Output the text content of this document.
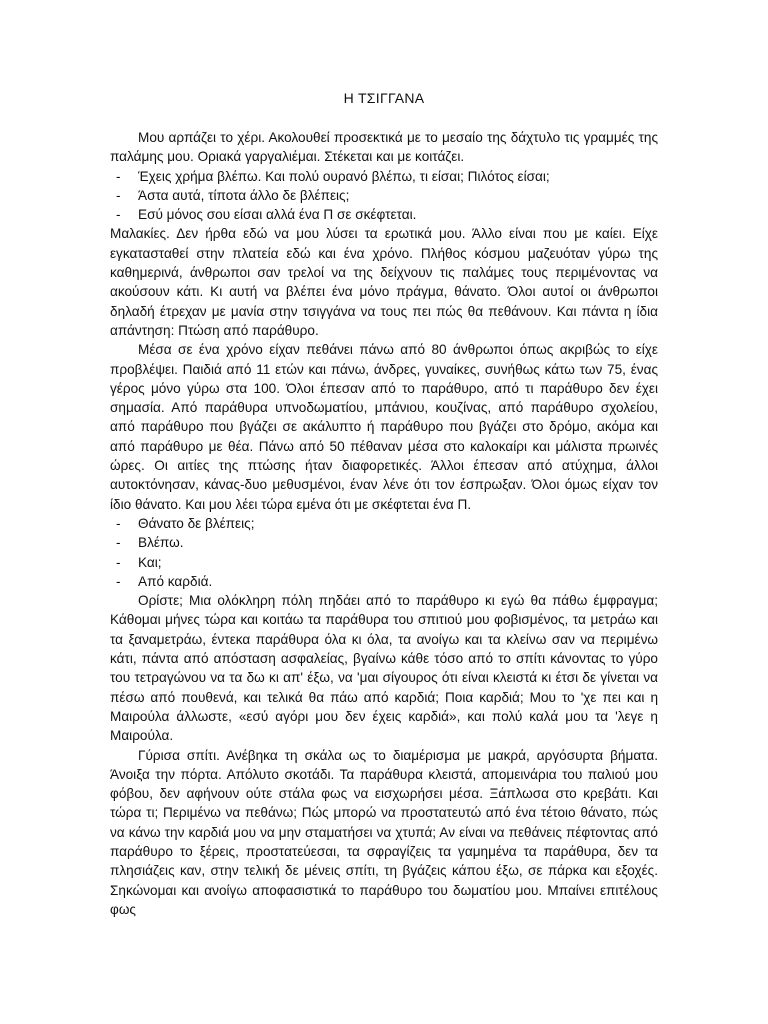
Η ΤΣΙΓΓΑΝΑ

Μου αρπάζει το χέρι. Ακολουθεί προσεκτικά με το μεσαίο της δάχτυλο τις γραμμές της παλάμης μου. Οριακά γαργαλιέμαι. Στέκεται και με κοιτάζει.

- Έχεις χρήμα βλέπω. Και πολύ ουρανό βλέπω, τι είσαι; Πιλότος είσαι;
- Άστα αυτά, τίποτα άλλο δε βλέπεις;
- Εσύ μόνος σου είσαι αλλά ένα Π σε σκέφτεται.

Μαλακίες. Δεν ήρθα εδώ να μου λύσει τα ερωτικά μου. Άλλο είναι που με καίει. Είχε εγκατασταθεί στην πλατεία εδώ και ένα χρόνο. Πλήθος κόσμου μαζευόταν γύρω της καθημερινά, άνθρωποι σαν τρελοί να της δείχνουν τις παλάμες τους περιμένοντας να ακούσουν κάτι. Κι αυτή να βλέπει ένα μόνο πράγμα, θάνατο. Όλοι αυτοί οι άνθρωποι δηλαδή έτρεχαν με μανία στην τσιγγάνα να τους πει πώς θα πεθάνουν. Και πάντα η ίδια απάντηση: Πτώση από παράθυρο.

Μέσα σε ένα χρόνο είχαν πεθάνει πάνω από 80 άνθρωποι όπως ακριβώς το είχε προβλέψει. Παιδιά από 11 ετών και πάνω, άνδρες, γυναίκες, συνήθως κάτω των 75, ένας γέρος μόνο γύρω στα 100. Όλοι έπεσαν από το παράθυρο, από τι παράθυρο δεν έχει σημασία. Από παράθυρα υπνοδωματίου, μπάνιου, κουζίνας, από παράθυρο σχολείου, από παράθυρο που βγάζει σε ακάλυπτο ή παράθυρο που βγάζει στο δρόμο, ακόμα και από παράθυρο με θέα. Πάνω από 50 πέθαναν μέσα στο καλοκαίρι και μάλιστα πρωινές ώρες. Οι αιτίες της πτώσης ήταν διαφορετικές. Άλλοι έπεσαν από ατύχημα, άλλοι αυτοκτόνησαν, κάνας-δυο μεθυσμένοι, έναν λένε ότι τον έσπρωξαν. Όλοι όμως είχαν τον ίδιο θάνατο. Και μου λέει τώρα εμένα ότι με σκέφτεται ένα Π.

- Θάνατο δε βλέπεις;
- Βλέπω.
- Και;
- Από καρδιά.

Ορίστε; Μια ολόκληρη πόλη πηδάει από το παράθυρο κι εγώ θα πάθω έμφραγμα; Κάθομαι μήνες τώρα και κοιτάω τα παράθυρα του σπιτιού μου φοβισμένος, τα μετράω και τα ξαναμετράω, έντεκα παράθυρα όλα κι όλα, τα ανοίγω και τα κλείνω σαν να περιμένω κάτι, πάντα από απόσταση ασφαλείας, βγαίνω κάθε τόσο από το σπίτι κάνοντας το γύρο του τετραγώνου να τα δω κι απ' έξω, να 'μαι σίγουρος ότι είναι κλειστά κι έτσι δε γίνεται να πέσω από πουθενά, και τελικά θα πάω από καρδιά; Ποια καρδιά; Μου το 'χε πει και η Μαιρούλα άλλωστε, «εσύ αγόρι μου δεν έχεις καρδιά», και πολύ καλά μου τα 'λεγε η Μαιρούλα.

Γύρισα σπίτι. Ανέβηκα τη σκάλα ως το διαμέρισμα με μακρά, αργόσυρτα βήματα. Άνοιξα την πόρτα. Απόλυτο σκοτάδι. Τα παράθυρα κλειστά, απομεινάρια του παλιού μου φόβου, δεν αφήνουν ούτε στάλα φως να εισχωρήσει μέσα. Ξάπλωσα στο κρεβάτι. Και τώρα τι; Περιμένω να πεθάνω; Πώς μπορώ να προστατευτώ από ένα τέτοιο θάνατο, πώς να κάνω την καρδιά μου να μην σταματήσει να χτυπά; Αν είναι να πεθάνεις πέφτοντας από παράθυρο το ξέρεις, προστατεύεσαι, τα σφραγίζεις τα γαμημένα τα παράθυρα, δεν τα πλησιάζεις καν, στην τελική δε μένεις σπίτι, τη βγάζεις κάπου έξω, σε πάρκα και εξοχές. Σηκώνομαι και ανοίγω αποφασιστικά το παράθυρο του δωματίου μου. Μπαίνει επιτέλους φως
